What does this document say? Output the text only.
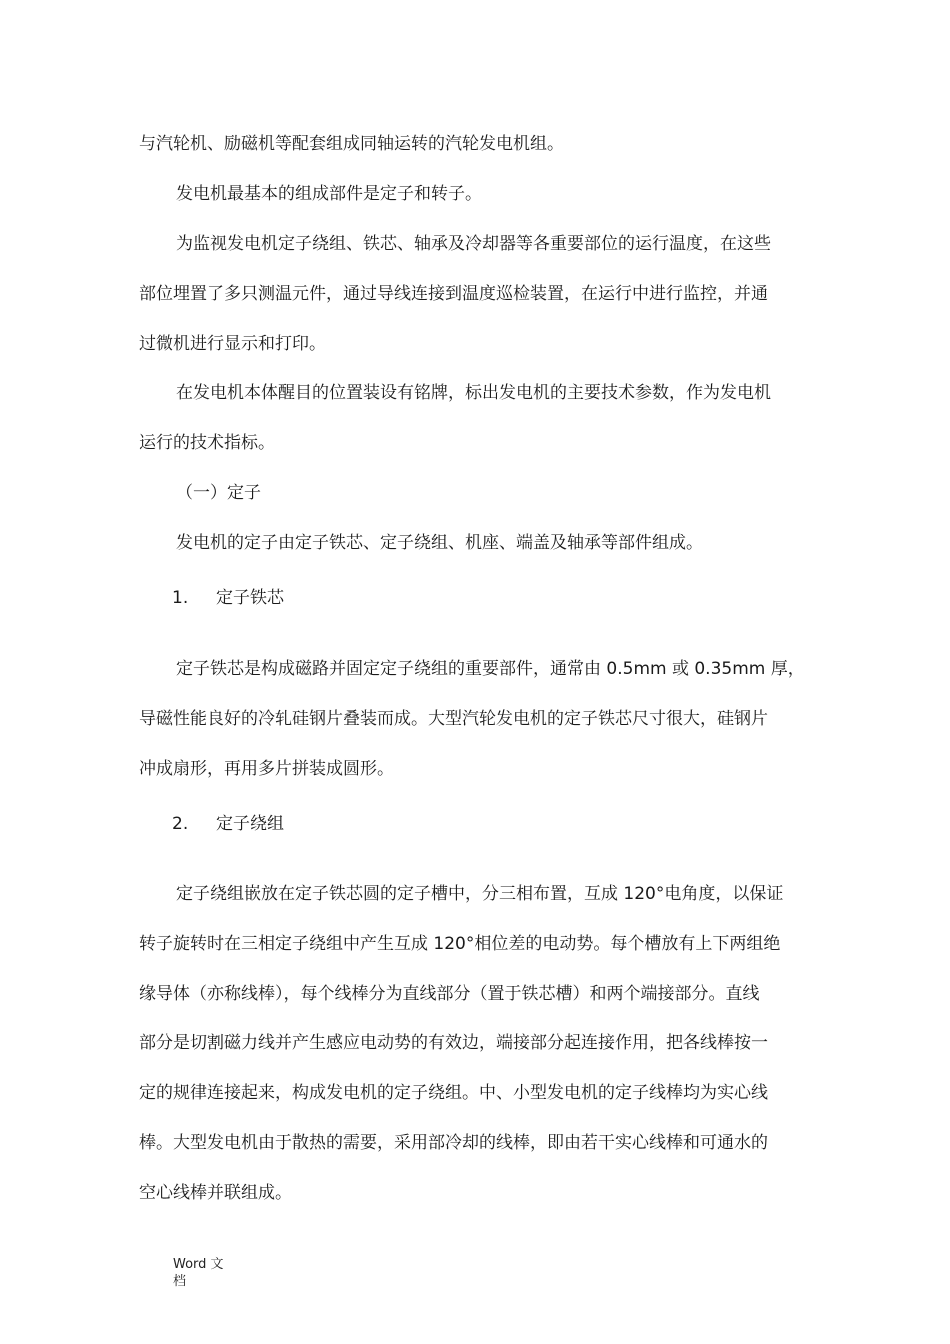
与汽轮机、励磁机等配套组成同轴运转的汽轮发电机组。
发电机最基本的组成部件是定子和转子。
为监视发电机定子绕组、铁芯、轴承及冷却器等各重要部位的运行温度，在这些
部位埋置了多只测温元件，通过导线连接到温度巡检装置，在运行中进行监控，并通
过微机进行显示和打印。
在发电机本体醒目的位置装设有铭牌，标出发电机的主要技术参数，作为发电机
运行的技术指标。
（一）定子
发电机的定子由定子铁芯、定子绕组、机座、端盖及轴承等部件组成。
1. 定子铁芯
定子铁芯是构成磁路并固定定子绕组的重要部件，通常由 0.5mm 或 0.35mm 厚，
导磁性能良好的冷轧硅钢片叠装而成。大型汽轮发电机的定子铁芯尺寸很大，硅钢片
冲成扇形，再用多片拼装成圆形。
2. 定子绕组
定子绕组嵌放在定子铁芯圆的定子槽中，分三相布置，互成 120°电角度，以保证
转子旋转时在三相定子绕组中产生互成 120°相位差的电动势。每个槽放有上下两组绝
缘导体（亦称线棒），每个线棒分为直线部分（置于铁芯槽）和两个端接部分。直线
部分是切割磁力线并产生感应电动势的有效边，端接部分起连接作用，把各线棒按一
定的规律连接起来，构成发电机的定子绕组。中、小型发电机的定子线棒均为实心线
棒。大型发电机由于散热的需要，采用部冷却的线棒，即由若干实心线棒和可通水的
空心线棒并联组成。
Word 文
档
